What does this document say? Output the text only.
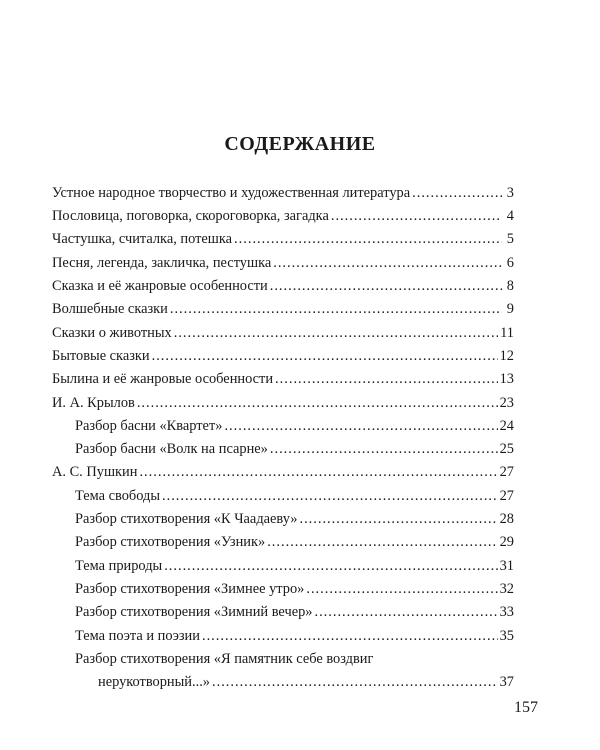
СОДЕРЖАНИЕ
Устное народное творчество и художественная литература .....	3
Пословица, поговорка, скороговорка, загадка .....	4
Частушка, считалка, потешка .....	5
Песня, легенда, закличка, пестушка .....	6
Сказка и её жанровые особенности .....	8
Волшебные сказки .....	9
Сказки о животных .....	11
Бытовые сказки .....	12
Былина и её жанровые особенности .....	13
И. А. Крылов .....	23
Разбор басни «Квартет» .....	24
Разбор басни «Волк на псарне» .....	25
А. С. Пушкин .....	27
Тема свободы .....	27
Разбор стихотворения «К Чаадаеву» .....	28
Разбор стихотворения «Узник» .....	29
Тема природы .....	31
Разбор стихотворения «Зимнее утро» .....	32
Разбор стихотворения «Зимний вечер» .....	33
Тема поэта и поэзии .....	35
Разбор стихотворения «Я памятник себе воздвиг
нерукотворный...» .....	37
157
